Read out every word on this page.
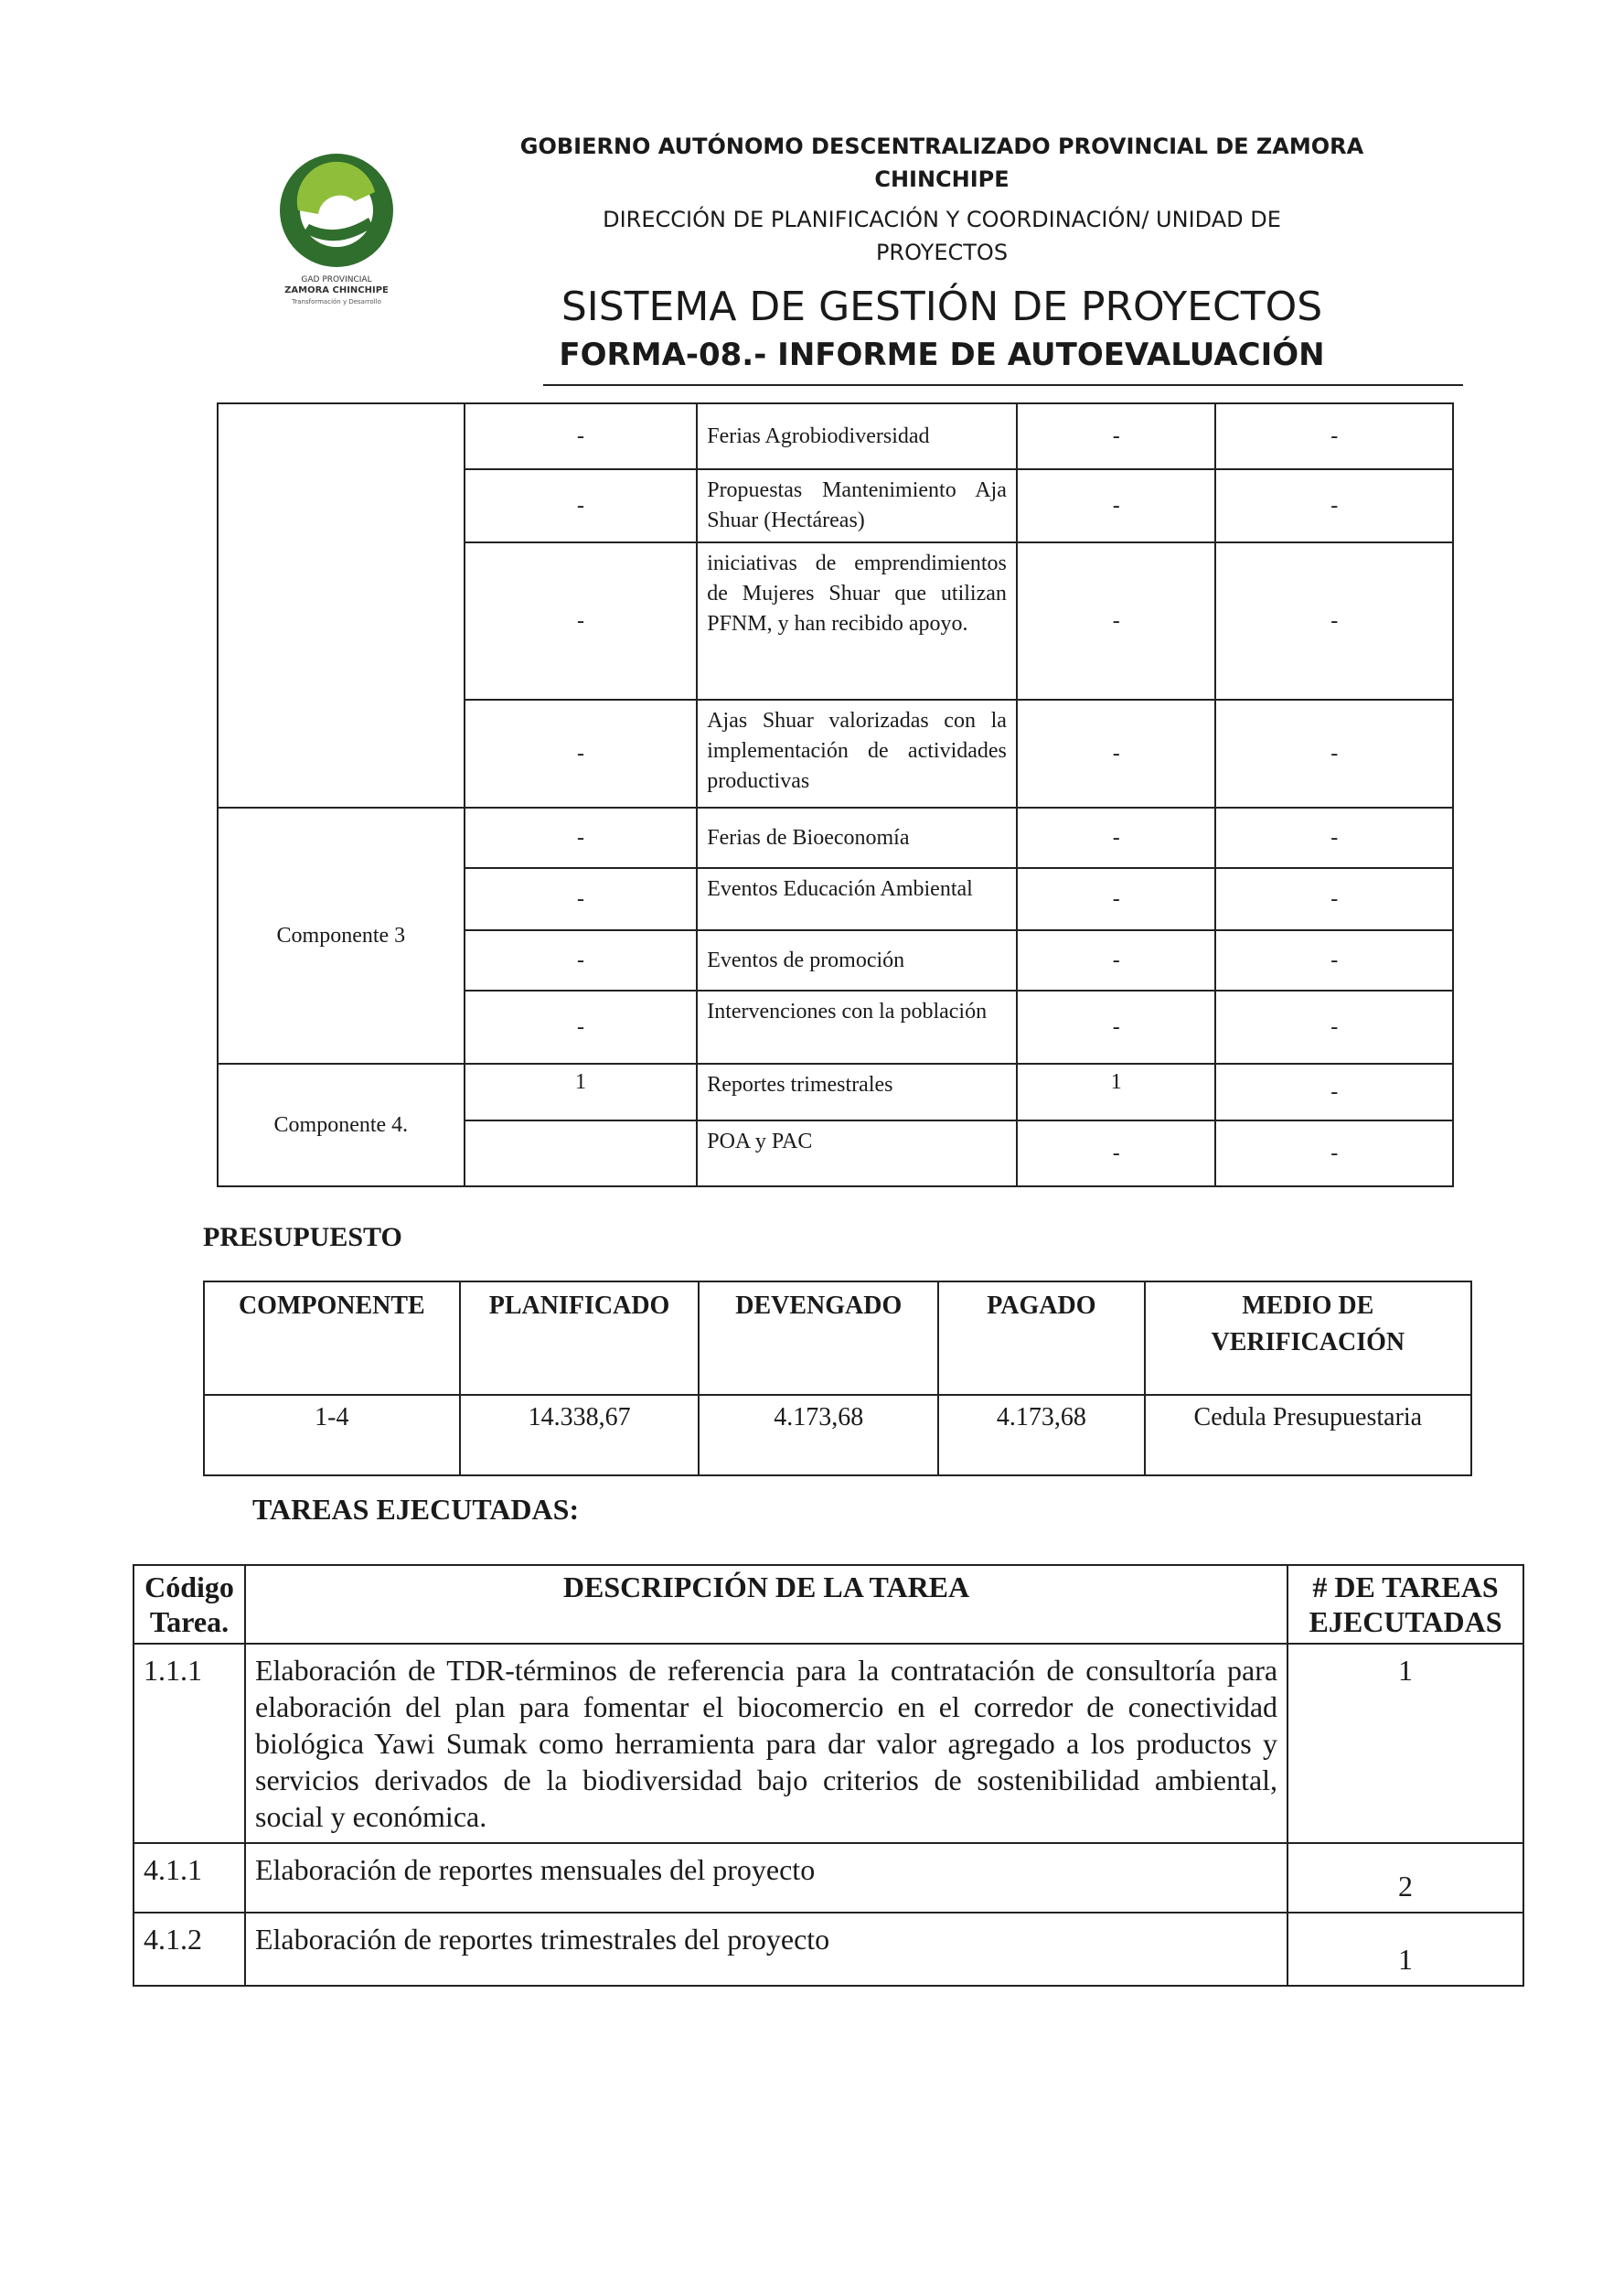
GAD PROVINCIAL
ZAMORA CHINCHIPE
Transformación y Desarrollo
GOBIERNO AUTÓNOMO DESCENTRALIZADO PROVINCIAL DE ZAMORA
CHINCHIPE
DIRECCIÓN DE PLANIFICACIÓN Y COORDINACIÓN/ UNIDAD DE
PROYECTOS
SISTEMA DE GESTIÓN DE PROYECTOS
FORMA-08.- INFORME DE AUTOEVALUACIÓN
	-	Ferias Agrobiodiversidad	-	-
	-	Propuestas Mantenimiento Aja Shuar (Hectáreas)	-	-
	-	iniciativas de emprendimientos de Mujeres Shuar que utilizan PFNM, y han recibido apoyo.	-	-
	-	Ajas Shuar valorizadas con la implementación de actividades productivas	-	-
Componente 3	-	Ferias de Bioeconomía	-	-
	-	Eventos Educación Ambiental	-	-
	-	Eventos de promoción	-	-
	-	Intervenciones con la población	-	-
Componente 4.	1	Reportes trimestrales	1	-
		POA y PAC	-	-
PRESUPUESTO
COMPONENTE	PLANIFICADO	DEVENGADO	PAGADO	MEDIO DE VERIFICACIÓN
1-4	14.338,67	4.173,68	4.173,68	Cedula Presupuestaria
TAREAS EJECUTADAS:
Código Tarea.	DESCRIPCIÓN DE LA TAREA	# DE TAREAS EJECUTADAS
1.1.1	Elaboración de TDR-términos de referencia para la contratación de consultoría para elaboración del plan para fomentar el biocomercio en el corredor de conectividad biológica Yawi Sumak como herramienta para dar valor agregado a los productos y servicios derivados de la biodiversidad bajo criterios de sostenibilidad ambiental, social y económica.	1
4.1.1	Elaboración de reportes mensuales del proyecto	2
4.1.2	Elaboración de reportes trimestrales del proyecto	1
